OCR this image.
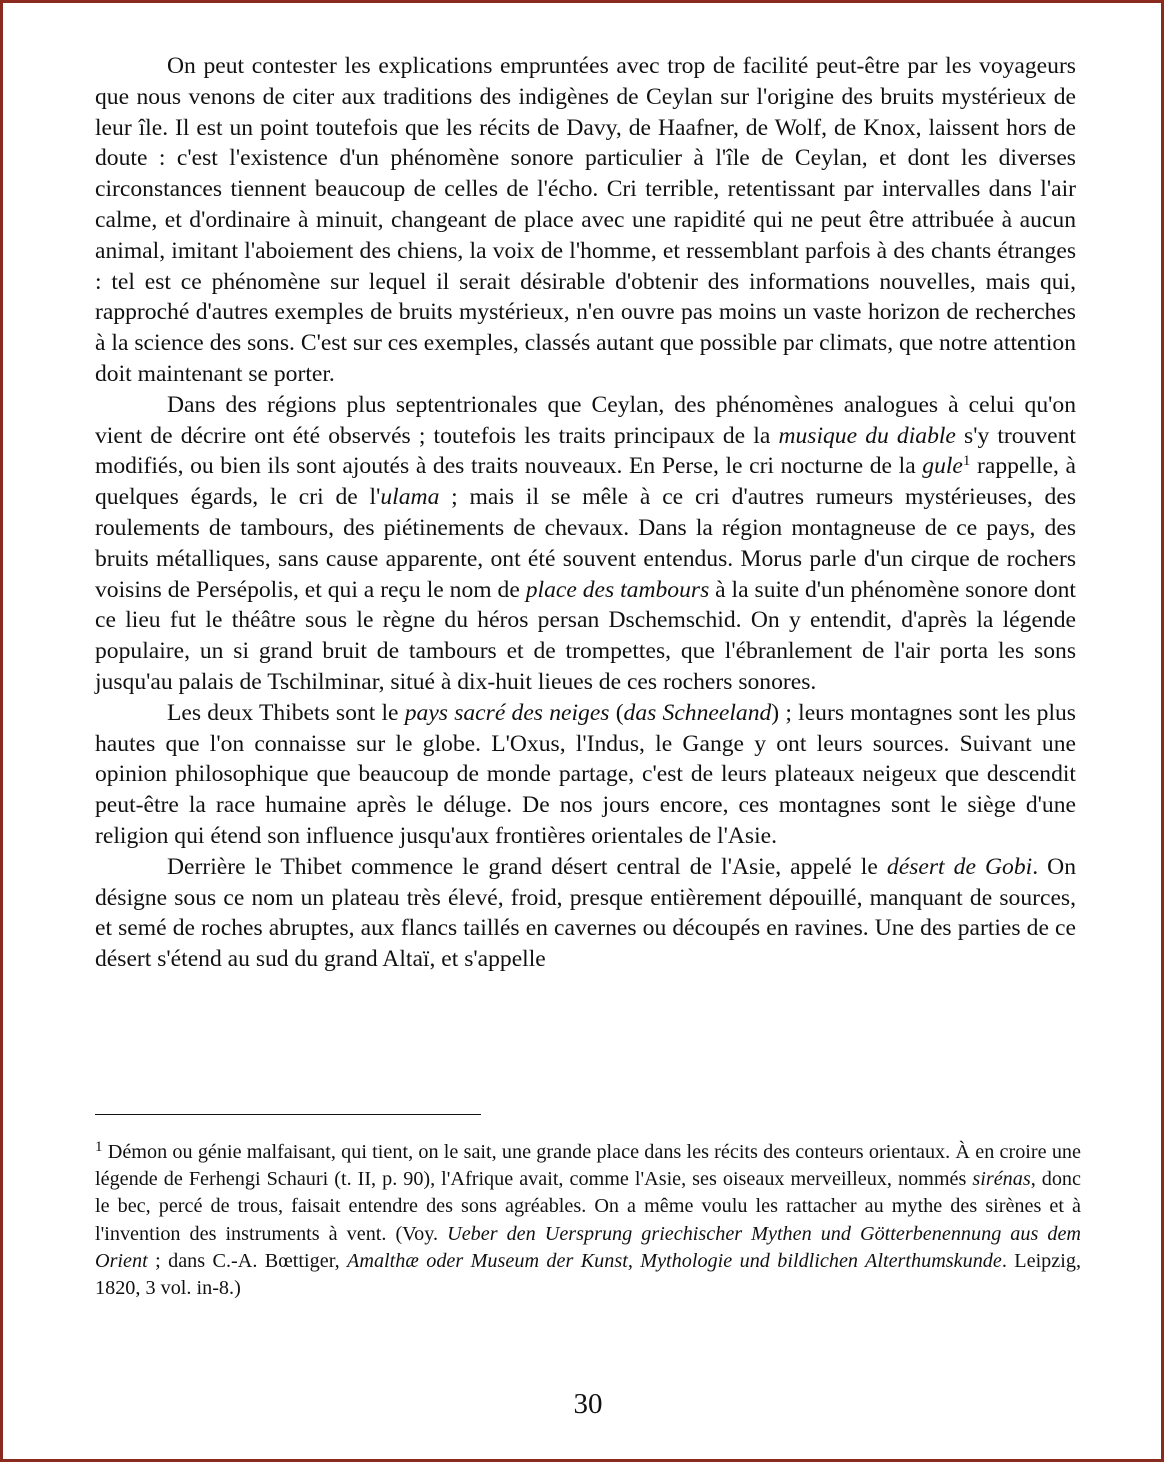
On peut contester les explications empruntées avec trop de facilité peut-être par les voyageurs que nous venons de citer aux traditions des indigènes de Ceylan sur l'origine des bruits mystérieux de leur île. Il est un point toutefois que les récits de Davy, de Haafner, de Wolf, de Knox, laissent hors de doute : c'est l'existence d'un phénomène sonore particulier à l'île de Ceylan, et dont les diverses circonstances tiennent beaucoup de celles de l'écho. Cri terrible, retentissant par intervalles dans l'air calme, et d'ordinaire à minuit, changeant de place avec une rapidité qui ne peut être attribuée à aucun animal, imitant l'aboiement des chiens, la voix de l'homme, et ressemblant parfois à des chants étranges : tel est ce phénomène sur lequel il serait désirable d'obtenir des informations nouvelles, mais qui, rapproché d'autres exemples de bruits mystérieux, n'en ouvre pas moins un vaste horizon de recherches à la science des sons. C'est sur ces exemples, classés autant que possible par climats, que notre attention doit maintenant se porter.

Dans des régions plus septentrionales que Ceylan, des phénomènes analogues à celui qu'on vient de décrire ont été observés ; toutefois les traits principaux de la musique du diable s'y trouvent modifiés, ou bien ils sont ajoutés à des traits nouveaux. En Perse, le cri nocturne de la gule$^1$ rappelle, à quelques égards, le cri de l'ulama ; mais il se mêle à ce cri d'autres rumeurs mystérieuses, des roulements de tambours, des piétinements de chevaux. Dans la région montagneuse de ce pays, des bruits métalliques, sans cause apparente, ont été souvent entendus. Morus parle d'un cirque de rochers voisins de Persépolis, et qui a reçu le nom de place des tambours à la suite d'un phénomène sonore dont ce lieu fut le théâtre sous le règne du héros persan Dschemschid. On y entendit, d'après la légende populaire, un si grand bruit de tambours et de trompettes, que l'ébranlement de l'air porta les sons jusqu'au palais de Tschilminar, situé à dix-huit lieues de ces rochers sonores.

Les deux Thibets sont le pays sacré des neiges (das Schneeland) ; leurs montagnes sont les plus hautes que l'on connaisse sur le globe. L'Oxus, l'Indus, le Gange y ont leurs sources. Suivant une opinion philosophique que beaucoup de monde partage, c'est de leurs plateaux neigeux que descendit peut-être la race humaine après le déluge. De nos jours encore, ces montagnes sont le siège d'une religion qui étend son influence jusqu'aux frontières orientales de l'Asie.

Derrière le Thibet commence le grand désert central de l'Asie, appelé le désert de Gobi. On désigne sous ce nom un plateau très élevé, froid, presque entièrement dépouillé, manquant de sources, et semé de roches abruptes, aux flancs taillés en cavernes ou découpés en ravines. Une des parties de ce désert s'étend au sud du grand Altaï, et s'appelle

$^1$ Démon ou génie malfaisant, qui tient, on le sait, une grande place dans les récits des conteurs orientaux. À en croire une légende de Ferhengi Schauri (t. II, p. 90), l'Afrique avait, comme l'Asie, ses oiseaux merveilleux, nommés sirénas, donc le bec, percé de trous, faisait entendre des sons agréables. On a même voulu les rattacher au mythe des sirènes et à l'invention des instruments à vent. (Voy. Ueber den Uersprung griechischer Mythen und Götterbenennung aus dem Orient ; dans C.-A. Bœttiger, Amalthæ oder Museum der Kunst, Mythologie und bildlichen Alterthumskunde. Leipzig, 1820, 3 vol. in-8.)
30
